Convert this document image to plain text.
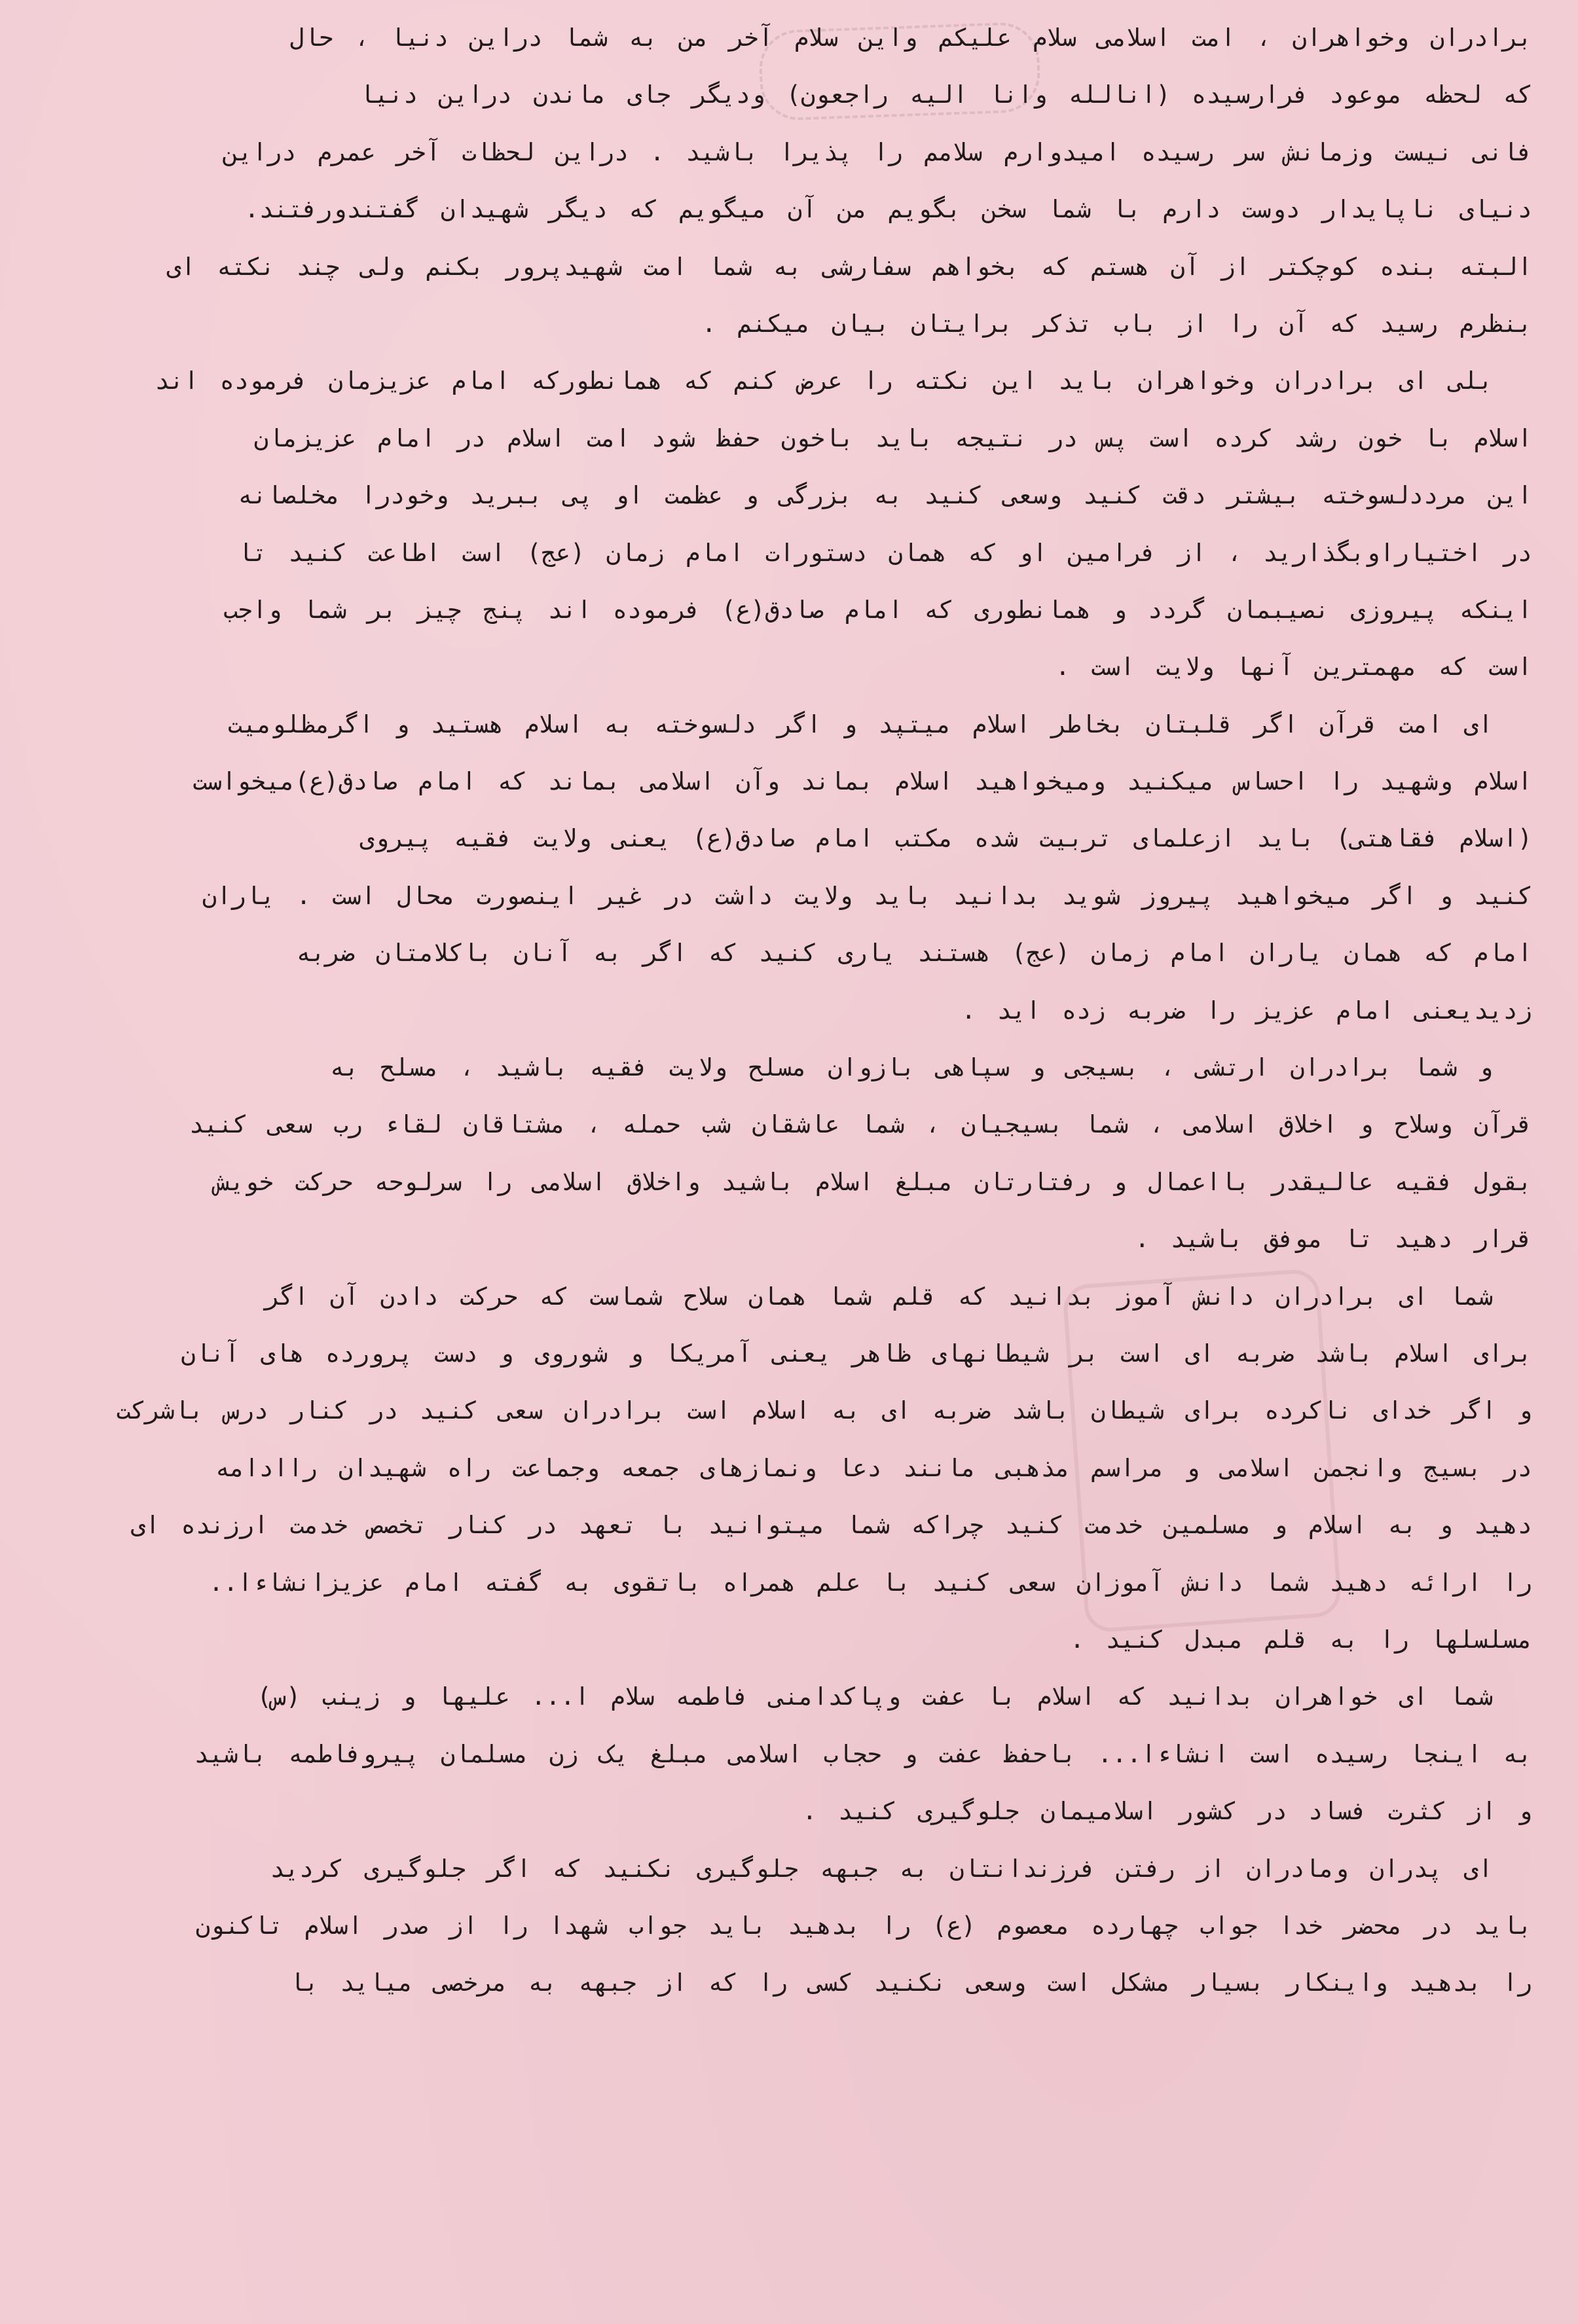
برادران وخواهران ، امت اسلامی سلام علیکم واین سلام آخر من به شما دراین دنیا ، حال
که لحظه موعود فرارسیده (انالله وانا الیه راجعون) ودیگر جای ماندن دراین دنیا
فانی نیست وزمانش سر رسیده امیدوارم سلامم را پذیرا باشید . دراین لحظات آخر عمرم دراین
دنیای ناپایدار دوست دارم با شما سخن بگویم من آن میگویم که دیگر شهیدان گفتندورفتند.
البته بنده کوچکتر از آن هستم که بخواهم سفارشی به شما امت شهیدپرور بکنم ولی چند نکته ای
بنظرم رسید که آن را از باب تذکر برایتان بیان میکنم .
بلی ای برادران وخواهران باید این نکته را عرض کنم که همانطورکه امام عزیزمان فرموده اند
اسلام با خون رشد کرده است پس در نتیجه باید باخون حفظ شود امت اسلام در امام عزیزمان
این مرددلسوخته بیشتر دقت کنید وسعی کنید به بزرگی و عظمت او پی ببرید وخودرا مخلصانه
در اختیاراوبگذارید ، از فرامین او که همان دستورات امام زمان (عج) است اطاعت کنید تا
اینکه پیروزی نصیبمان گردد و همانطوری که امام صادق(ع) فرموده اند پنج چیز بر شما واجب
است که مهمترین آنها ولایت است .
ای امت قرآن اگر قلبتان بخاطر اسلام میتپد و اگر دلسوخته به اسلام هستید و اگرمظلومیت
اسلام وشهید را احساس میکنید ومیخواهید اسلام بماند وآن اسلامی بماند که امام صادق(ع)میخواست
(اسلام فقاهتی) باید ازعلمای تربیت شده مکتب امام صادق(ع) یعنی ولایت فقیه پیروی
کنید و اگر میخواهید پیروز شوید بدانید باید ولایت داشت در غیر اینصورت محال است . یاران
امام که همان یاران امام زمان (عج) هستند یاری کنید که اگر به آنان باکلامتان ضربه
زدیدیعنی امام عزیز را ضربه زده اید .
و شما برادران ارتشی ، بسیجی و سپاهی بازوان مسلح ولایت فقیه باشید ، مسلح به
قرآن وسلاح و اخلاق اسلامی ، شما بسیجیان ، شما عاشقان شب حمله ، مشتاقان لقاء رب سعی کنید
بقول فقیه عالیقدر بااعمال و رفتارتان مبلغ اسلام باشید واخلاق اسلامی را سرلوحه حرکت خویش
قرار دهید تا موفق باشید .
شما ای برادران دانش آموز بدانید که قلم شما همان سلاح شماست که حرکت دادن آن اگر
برای اسلام باشد ضربه ای است بر شیطانهای ظاهر یعنی آمریکا و شوروی و دست پرورده های آنان
و اگر خدای ناکرده برای شیطان باشد ضربه ای به اسلام است برادران سعی کنید در کنار درس باشرکت
در بسیج وانجمن اسلامی و مراسم مذهبی مانند دعا ونمازهای جمعه وجماعت راه شهیدان راادامه
دهید و به اسلام و مسلمین خدمت کنید چراکه شما میتوانید با تعهد در کنار تخصص خدمت ارزنده ای
را ارائه دهید شما دانش آموزان سعی کنید با علم همراه باتقوی به گفته امام عزیزانشاءا..
مسلسلها را به قلم مبدل کنید .
شما ای خواهران بدانید که اسلام با عفت وپاکدامنی فاطمه سلام ا... علیها و زینب (س)
به اینجا رسیده است انشاءا... باحفظ عفت و حجاب اسلامی مبلغ یک زن مسلمان پیروفاطمه باشید
و از کثرت فساد در کشور اسلامیمان جلوگیری کنید .
ای پدران ومادران از رفتن فرزندانتان به جبهه جلوگیری نکنید که اگر جلوگیری کردید
باید در محضر خدا جواب چهارده معصوم (ع) را بدهید باید جواب شهدا را از صدر اسلام تاکنون
را بدهید واینکار بسیار مشکل است وسعی نکنید کسی را که از جبهه به مرخصی میاید با
